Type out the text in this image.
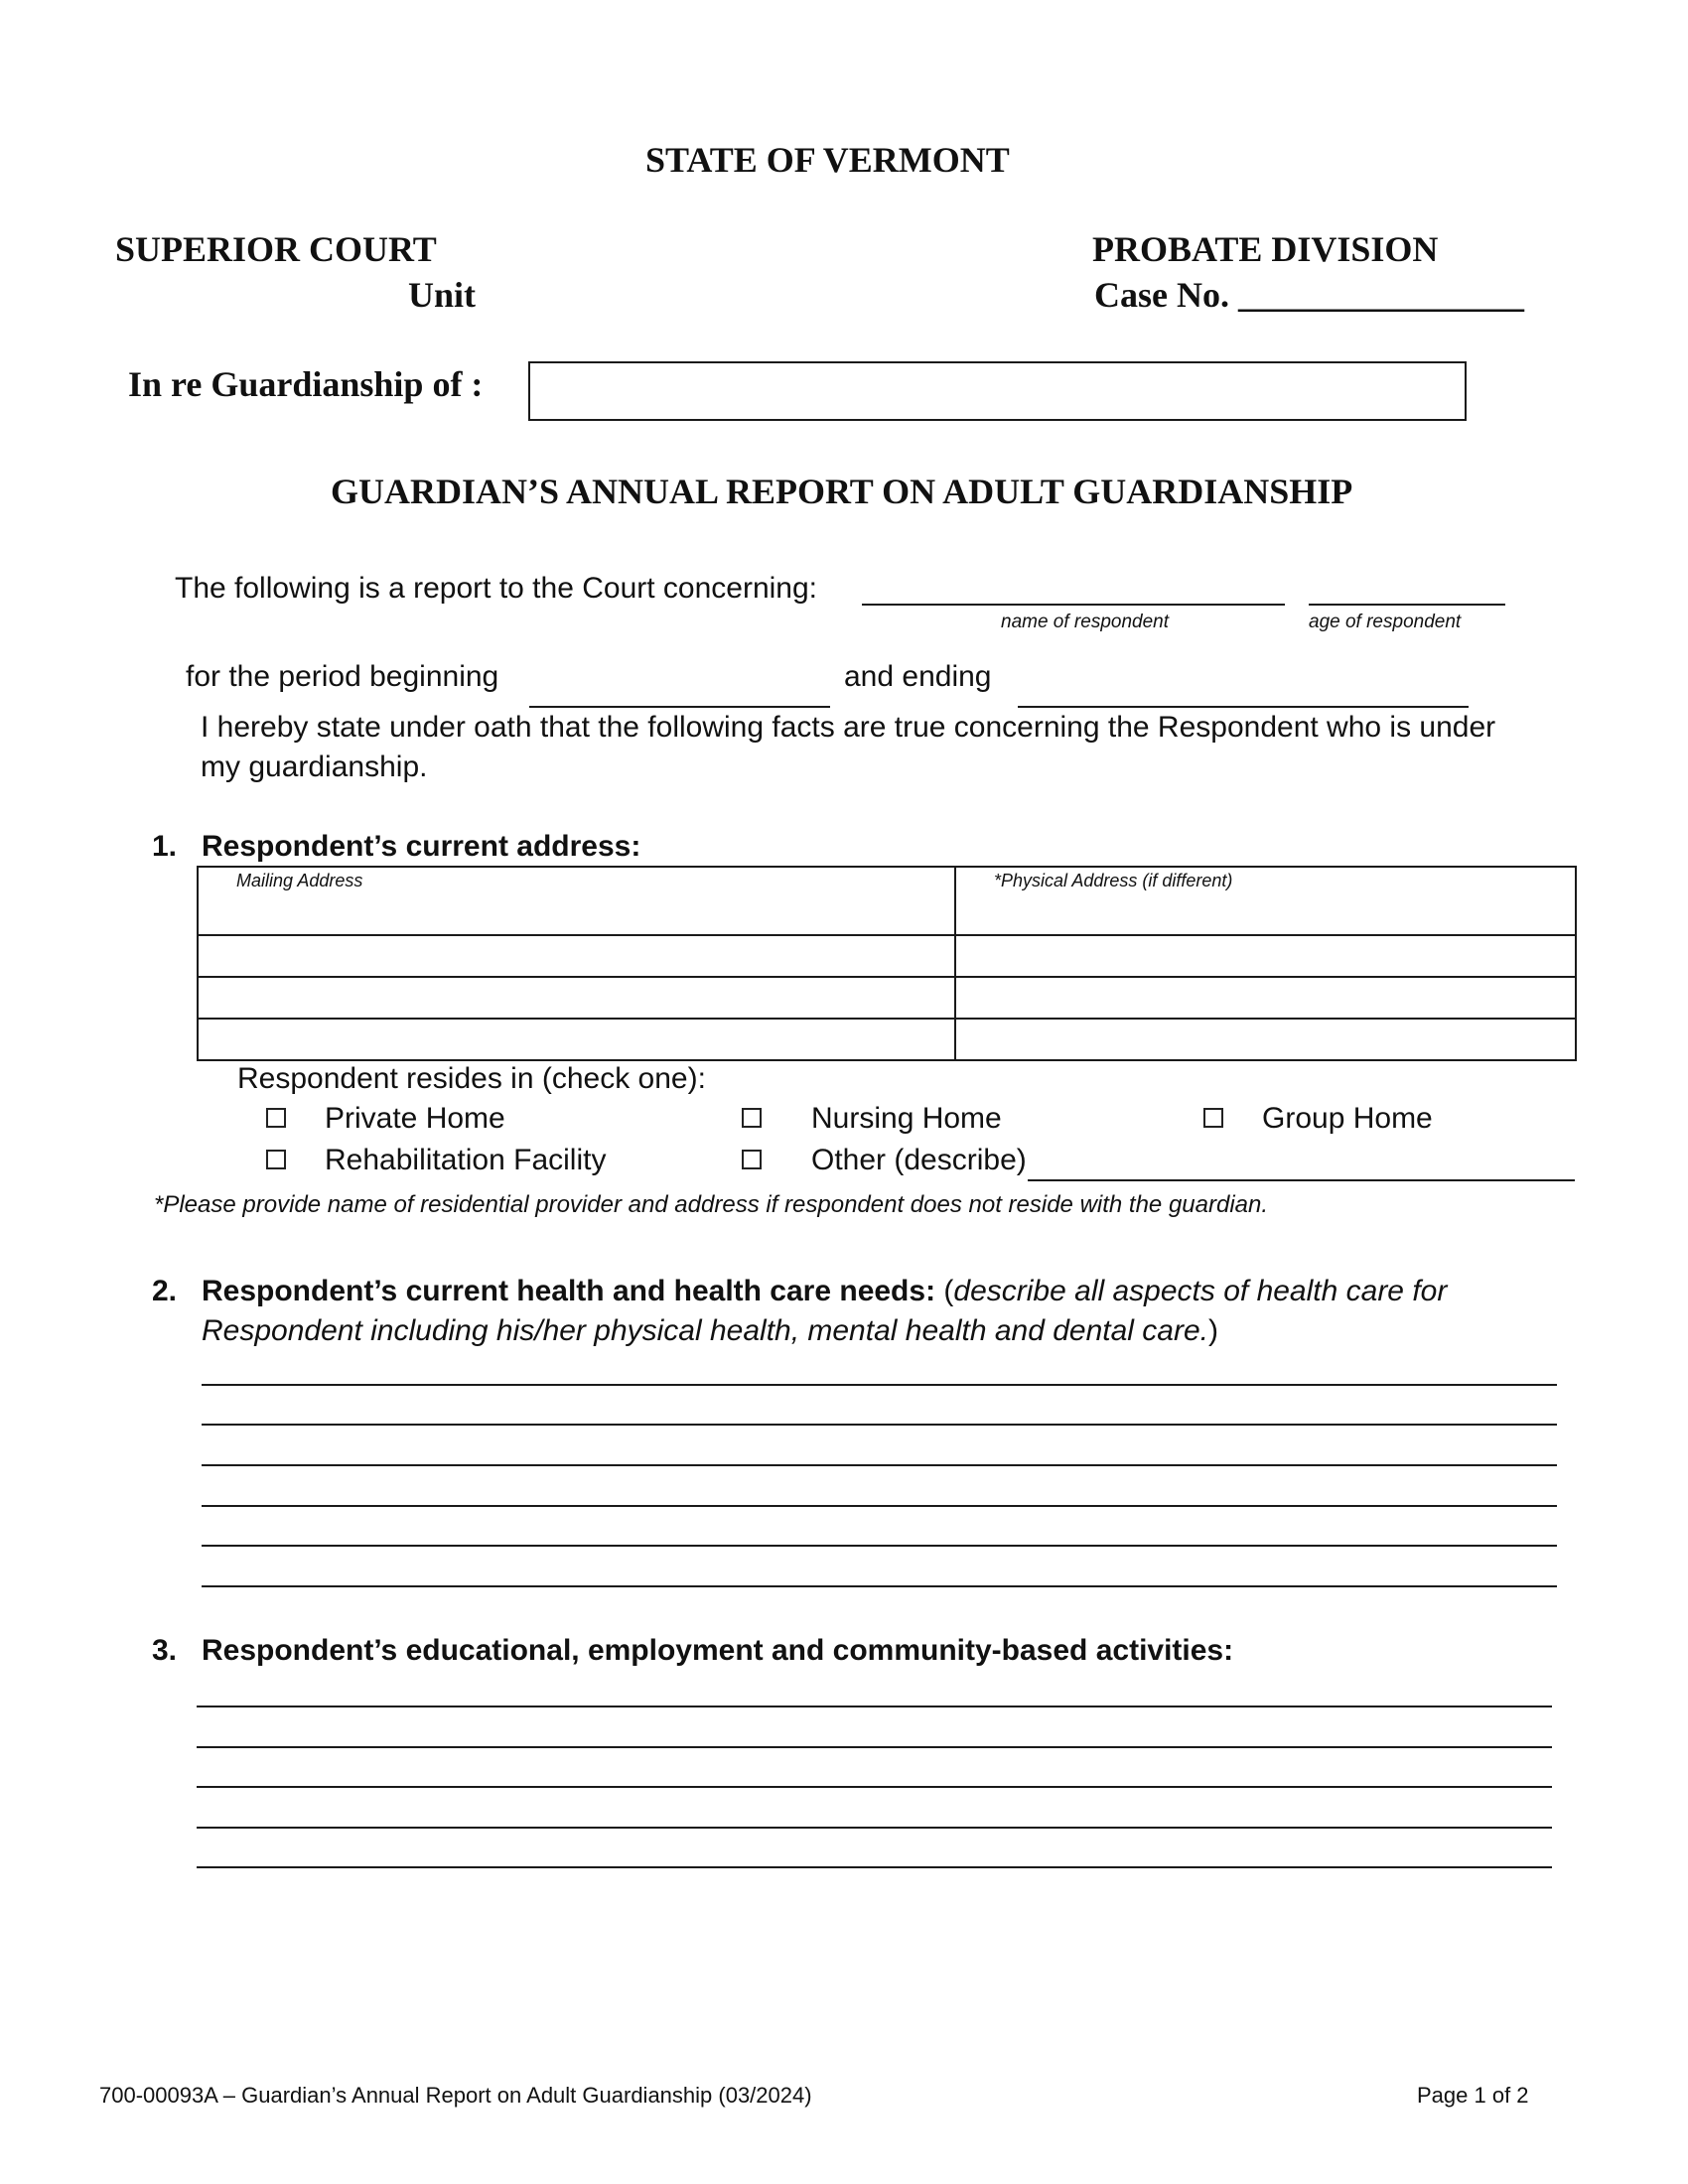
STATE OF VERMONT
SUPERIOR COURT
Unit
PROBATE DIVISION
Case No. ________________
In re Guardianship of :
GUARDIAN’S ANNUAL REPORT ON ADULT GUARDIANSHIP
The following is a report to the Court concerning:
name of respondent	age of respondent
for the period beginning	and ending
I hereby state under oath that the following facts are true concerning the Respondent who is under
my guardianship.
1. Respondent’s current address:
Mailing Address	*Physical Address (if different)

Respondent resides in (check one):
Private Home	Nursing Home	Group Home
Rehabilitation Facility	Other (describe)
*Please provide name of residential provider and address if respondent does not reside with the guardian.
2. Respondent’s current health and health care needs: (describe all aspects of health care for
Respondent including his/her physical health, mental health and dental care.)
3. Respondent’s educational, employment and community-based activities:
700-00093A – Guardian’s Annual Report on Adult Guardianship (03/2024)	Page 1 of 2
